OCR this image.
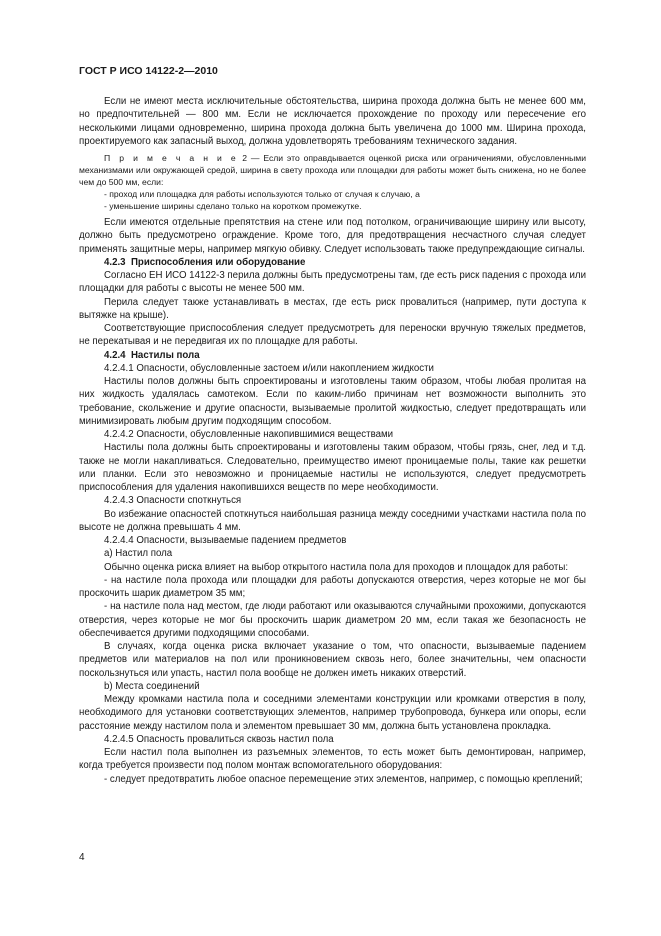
ГОСТ Р ИСО 14122-2—2010

Если не имеют места исключительные обстоятельства, ширина прохода должна быть не менее 600 мм, но предпочтительней — 800 мм. Если не исключается прохождение по проходу или пересечение его несколькими лицами одновременно, ширина прохода должна быть увеличена до 1000 мм. Ширина прохода, проектируемого как запасный выход, должна удовлетворять требованиям технического задания.

П р и м е ч а н и е 2 — Если это оправдывается оценкой риска или ограничениями, обусловленными механизмами или окружающей средой, ширина в свету прохода или площадки для работы может быть снижена, но не более чем до 500 мм, если:

- проход или площадка для работы используются только от случая к случаю, а

- уменьшение ширины сделано только на коротком промежутке.

Если имеются отдельные препятствия на стене или под потолком, ограничивающие ширину или высоту, должно быть предусмотрено ограждение. Кроме того, для предотвращения несчастного случая следует применять защитные меры, например мягкую обивку. Следует использовать также предупреждающие сигналы.

4.2.3 Приспособления или оборудование

Согласно ЕН ИСО 14122-3 перила должны быть предусмотрены там, где есть риск падения с прохода или площадки для работы с высоты не менее 500 мм.

Перила следует также устанавливать в местах, где есть риск провалиться (например, пути доступа к вытяжке на крыше).

Соответствующие приспособления следует предусмотреть для переноски вручную тяжелых предметов, не перекатывая и не передвигая их по площадке для работы.

4.2.4 Настилы пола

4.2.4.1 Опасности, обусловленные застоем и/или накоплением жидкости

Настилы полов должны быть спроектированы и изготовлены таким образом, чтобы любая пролитая на них жидкость удалялась самотеком. Если по каким-либо причинам нет возможности выполнить это требование, скольжение и другие опасности, вызываемые пролитой жидкостью, следует предотвращать или минимизировать любым другим подходящим способом.

4.2.4.2 Опасности, обусловленные накопившимися веществами

Настилы пола должны быть спроектированы и изготовлены таким образом, чтобы грязь, снег, лед и т.д. также не могли накапливаться. Следовательно, преимущество имеют проницаемые полы, такие как решетки или планки. Если это невозможно и проницаемые настилы не используются, следует предусмотреть приспособления для удаления накопившихся веществ по мере необходимости.

4.2.4.3 Опасности споткнуться

Во избежание опасностей споткнуться наибольшая разница между соседними участками настила пола по высоте не должна превышать 4 мм.

4.2.4.4 Опасности, вызываемые падением предметов

а) Настил пола

Обычно оценка риска влияет на выбор открытого настила пола для проходов и площадок для работы:

- на настиле пола прохода или площадки для работы допускаются отверстия, через которые не мог бы проскочить шарик диаметром 35 мм;

- на настиле пола над местом, где люди работают или оказываются случайными прохожими, допускаются отверстия, через которые не мог бы проскочить шарик диаметром 20 мм, если такая же безопасность не обеспечивается другими подходящими способами.

В случаях, когда оценка риска включает указание о том, что опасности, вызываемые падением предметов или материалов на пол или проникновением сквозь него, более значительны, чем опасности поскользнуться или упасть, настил пола вообще не должен иметь никаких отверстий.

b) Места соединений

Между кромками настила пола и соседними элементами конструкции или кромками отверстия в полу, необходимого для установки соответствующих элементов, например трубопровода, бункера или опоры, если расстояние между настилом пола и элементом превышает 30 мм, должна быть установлена прокладка.

4.2.4.5 Опасность провалиться сквозь настил пола

Если настил пола выполнен из разъемных элементов, то есть может быть демонтирован, например, когда требуется произвести под полом монтаж вспомогательного оборудования:

- следует предотвратить любое опасное перемещение этих элементов, например, с помощью креплений;

4
